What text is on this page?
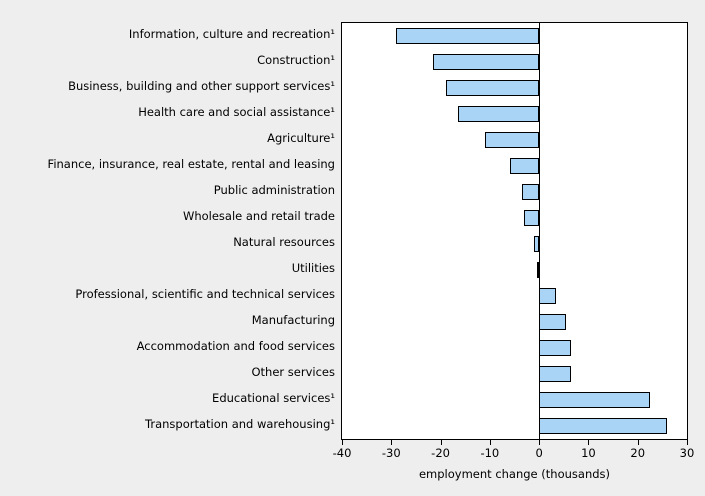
Information, culture and recreation¹
Construction¹
Business, building and other support services¹
Health care and social assistance¹
Agriculture¹
Finance, insurance, real estate, rental and leasing
Public administration
Wholesale and retail trade
Natural resources
Utilities
Professional, scientific and technical services
Manufacturing
Accommodation and food services
Other services
Educational services¹
Transportation and warehousing¹
-40	-30	-20	-10	0	10	20	30
employment change (thousands)
